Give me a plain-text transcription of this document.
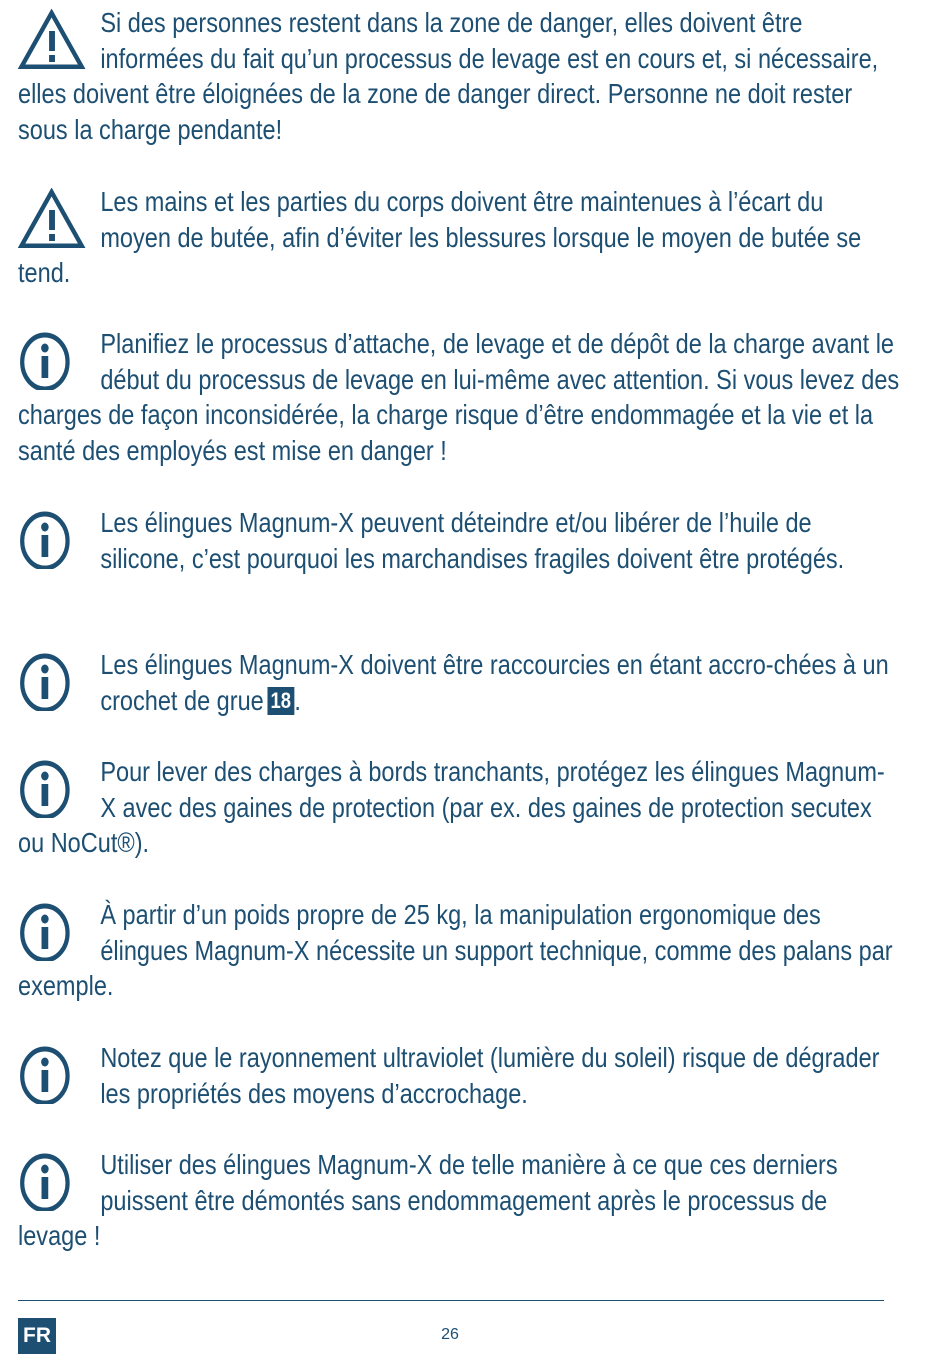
Si des personnes restent dans la zone de danger, elles doivent être informées du fait qu’un processus de levage est en cours et, si nécessaire, elles doivent être éloignées de la zone de danger direct. Personne ne doit rester sous la charge pendante!
Les mains et les parties du corps doivent être maintenues à l’écart du moyen de butée, afin d’éviter les blessures lorsque le moyen de butée se tend.
Planifiez le processus d’attache, de levage et de dépôt de la charge avant le début du processus de levage en lui-même avec attention. Si vous levez des charges de façon inconsidérée, la charge risque d’être endommagée et la vie et la santé des employés est mise en danger !
Les élingues Magnum-X peuvent déteindre et/ou libérer de l’huile de silicone, c’est pourquoi les marchandises fragiles doivent être protégés.
Les élingues Magnum-X doivent être raccourcies en étant accro-chées à un crochet de grue 18 .
Pour lever des charges à bords tranchants, protégez les élingues Magnum-X avec des gaines de protection (par ex. des gaines de protection secutex ou NoCut®).
À partir d’un poids propre de 25 kg, la manipulation ergonomique des élingues Magnum-X nécessite un support technique, comme des palans par exemple.
Notez que le rayonnement ultraviolet (lumière du soleil) risque de dégrader les propriétés des moyens d’accrochage.
Utiliser des élingues Magnum-X de telle manière à ce que ces derniers puissent être démontés sans endommagement après le processus de levage !
FR	26
